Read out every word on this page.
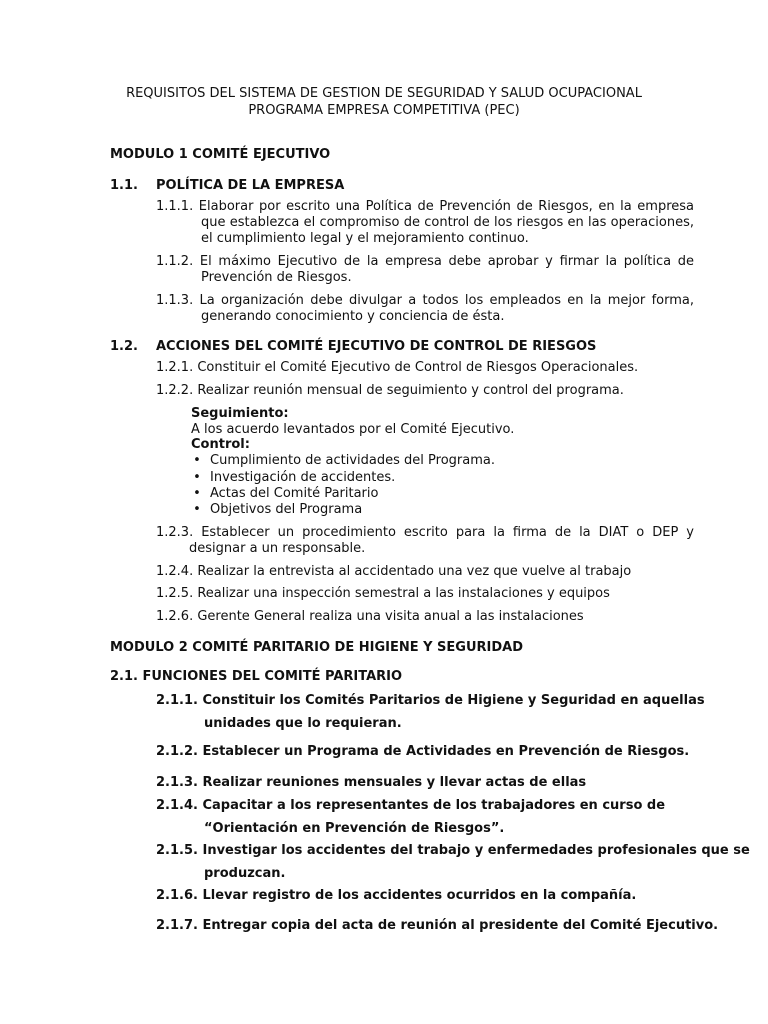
REQUISITOS DEL SISTEMA DE GESTION DE SEGURIDAD Y SALUD OCUPACIONAL
PROGRAMA EMPRESA COMPETITIVA (PEC)
MODULO 1 COMITÉ EJECUTIVO
1.1. POLÍTICA DE LA EMPRESA
1.1.1. Elaborar por escrito una Política de Prevención de Riesgos, en la empresa
que establezca el compromiso de control de los riesgos en las operaciones,
el cumplimiento legal y el mejoramiento continuo.
1.1.2. El máximo Ejecutivo de la empresa debe aprobar y firmar la política de
Prevención de Riesgos.
1.1.3. La organización debe divulgar a todos los empleados en la mejor forma,
generando conocimiento y conciencia de ésta.
1.2. ACCIONES DEL COMITÉ EJECUTIVO DE CONTROL DE RIESGOS
1.2.1. Constituir el Comité Ejecutivo de Control de Riesgos Operacionales.
1.2.2. Realizar reunión mensual de seguimiento y control del programa.
Seguimiento:
A los acuerdo levantados por el Comité Ejecutivo.
Control:
• Cumplimiento de actividades del Programa.
• Investigación de accidentes.
• Actas del Comité Paritario
• Objetivos del Programa
1.2.3. Establecer un procedimiento escrito para la firma de la DIAT o DEP y
designar a un responsable.
1.2.4. Realizar la entrevista al accidentado una vez que vuelve al trabajo
1.2.5. Realizar una inspección semestral a las instalaciones y equipos
1.2.6. Gerente General realiza una visita anual a las instalaciones
MODULO 2 COMITÉ PARITARIO DE HIGIENE Y SEGURIDAD
2.1. FUNCIONES DEL COMITÉ PARITARIO
2.1.1. Constituir los Comités Paritarios de Higiene y Seguridad en aquellas
unidades que lo requieran.
2.1.2. Establecer un Programa de Actividades en Prevención de Riesgos.
2.1.3. Realizar reuniones mensuales y llevar actas de ellas
2.1.4. Capacitar a los representantes de los trabajadores en curso de
“Orientación en Prevención de Riesgos”.
2.1.5. Investigar los accidentes del trabajo y enfermedades profesionales que se
produzcan.
2.1.6. Llevar registro de los accidentes ocurridos en la compañía.
2.1.7. Entregar copia del acta de reunión al presidente del Comité Ejecutivo.
